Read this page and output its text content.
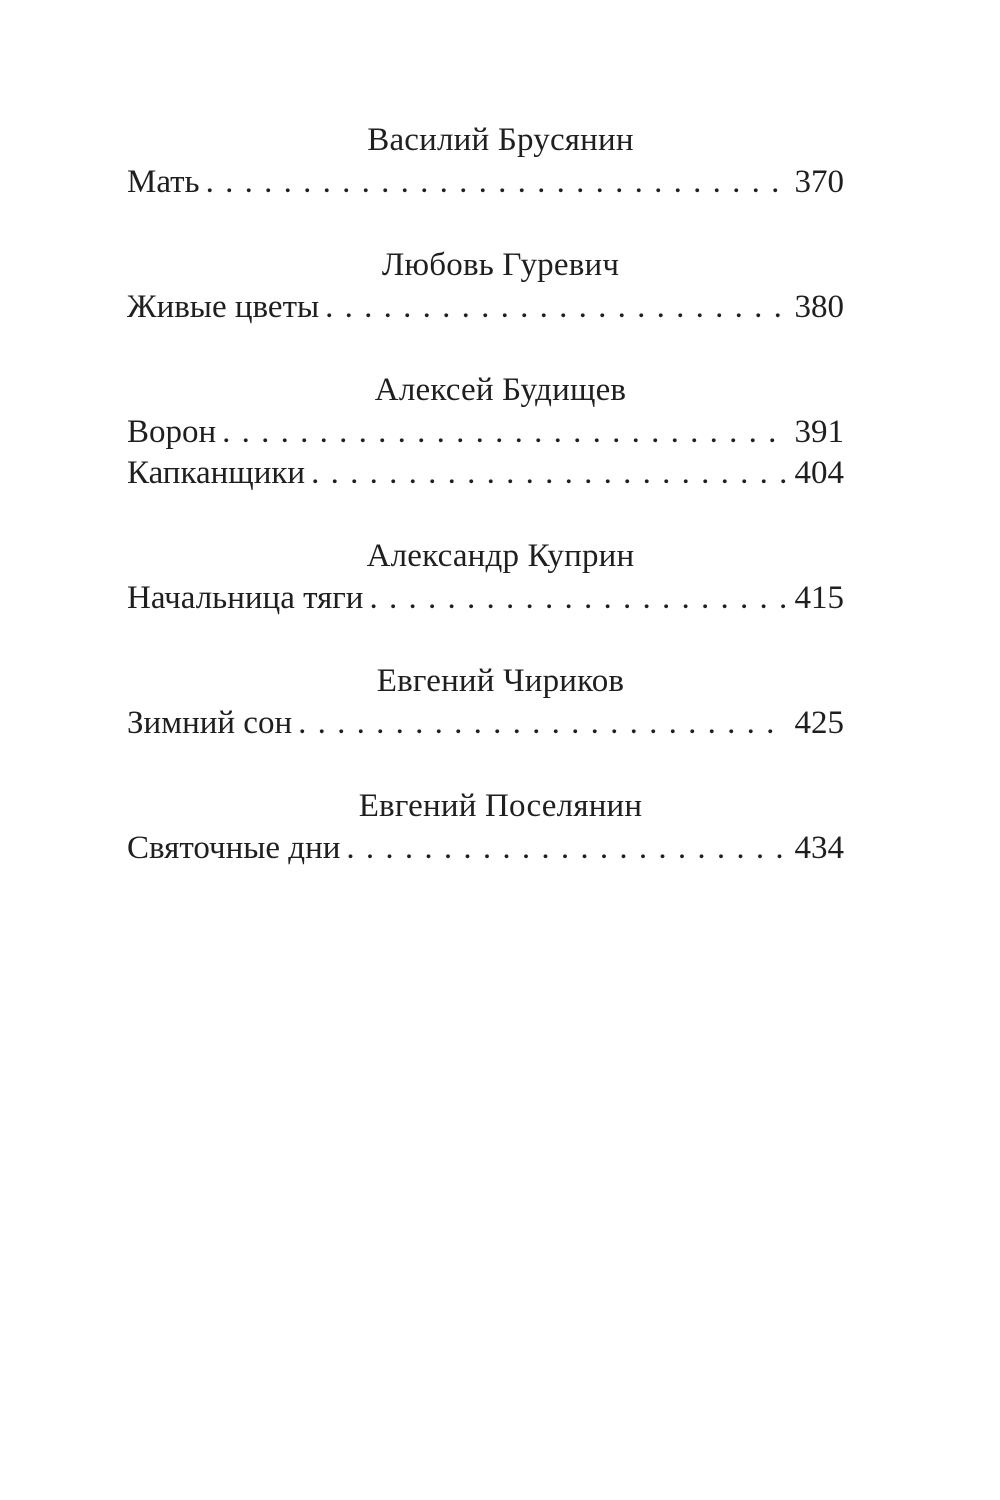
Василий Брусянин
Мать . . .	370
Любовь Гуревич
Живые цветы . . .	380
Алексей Будищев
Ворон . . .	391
Капканщики . . .	404
Александр Куприн
Начальница тяги . . .	415
Евгений Чириков
Зимний сон . . .	425
Евгений Поселянин
Святочные дни . . .	434
